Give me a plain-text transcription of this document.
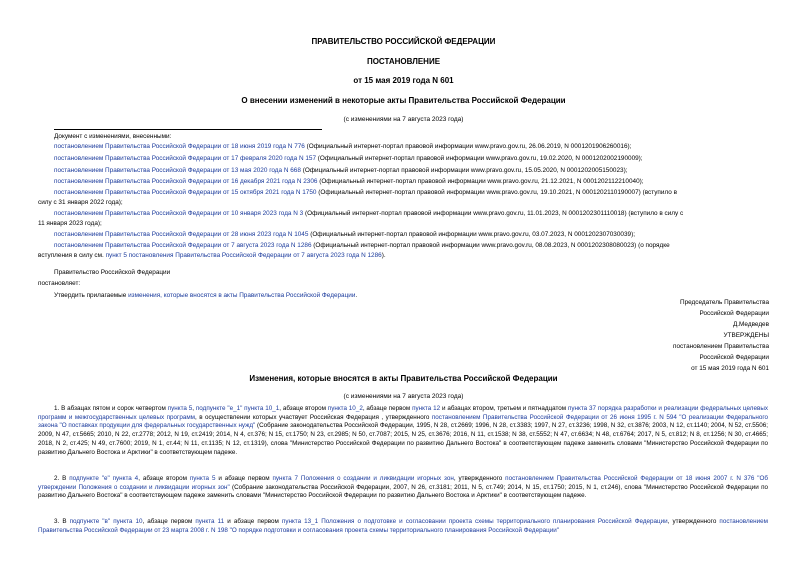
ПРАВИТЕЛЬСТВО РОССИЙСКОЙ ФЕДЕРАЦИИ
ПОСТАНОВЛЕНИЕ
от 15 мая 2019 года N 601
О внесении изменений в некоторые акты Правительства Российской Федерации
(с изменениями на 7 августа 2023 года)
Документ с изменениями, внесенными:
постановлением Правительства Российской Федерации от 18 июня 2019 года N 776 (Официальный интернет-портал правовой информации www.pravo.gov.ru, 26.06.2019, N 0001201906260016);
постановлением Правительства Российской Федерации от 17 февраля 2020 года N 157 (Официальный интернет-портал правовой информации www.pravo.gov.ru, 19.02.2020, N 0001202002190009);
постановлением Правительства Российской Федерации от 13 мая 2020 года N 668 (Официальный интернет-портал правовой информации www.pravo.gov.ru, 15.05.2020, N 0001202005150023);
постановлением Правительства Российской Федерации от 16 декабря 2021 года N 2306 (Официальный интернет-портал правовой информации www.pravo.gov.ru, 21.12.2021, N 0001202112210040);
постановлением Правительства Российской Федерации от 15 октября 2021 года N 1750 (Официальный интернет-портал правовой информации www.pravo.gov.ru, 19.10.2021, N 0001202110190007) (вступило в
силу с 31 января 2022 года);
постановлением Правительства Российской Федерации от 10 января 2023 года N 3 (Официальный интернет-портал правовой информации www.pravo.gov.ru, 11.01.2023, N 0001202301110018) (вступило в силу с
11 января 2023 года);
постановлением Правительства Российской Федерации от 28 июня 2023 года N 1045 (Официальный интернет-портал правовой информации www.pravo.gov.ru, 03.07.2023, N 0001202307030039);
постановлением Правительства Российской Федерации от 7 августа 2023 года N 1286 (Официальный интернет-портал правовой информации www.pravo.gov.ru, 08.08.2023, N 0001202308080023) (о порядке
вступления в силу см. пункт 5 постановления Правительства Российской Федерации от 7 августа 2023 года N 1286).
Правительство Российской Федерации
постановляет:
Утвердить прилагаемые изменения, которые вносятся в акты Правительства Российской Федерации.
Председатель Правительства
Российской Федерации
Д.Медведев
УТВЕРЖДЕНЫ
постановлением Правительства
Российской Федерации
от 15 мая 2019 года N 601
Изменения, которые вносятся в акты Правительства Российской Федерации
(с изменениями на 7 августа 2023 года)
1. В абзацах пятом и сорок четвертом пункта 5, подпункте "е_1" пункта 10_1, абзаце втором пункта 10_2, абзаце первом пункта 12 и абзацах втором, третьем и пятнадцатом пункта 37 порядка разработки и реализации федеральных целевых программ и межгосударственных целевых программ, в осуществлении которых участвует Российская Федерация , утвержденного постановлением Правительства Российской Федерации от 26 июня 1995 г. N 594 "О реализации Федерального закона "О поставках продукции для федеральных государственных нужд" (Собрание законодательства Российской Федерации, 1995, N 28, ст.2669; 1996, N 28, ст.3383; 1997, N 27, ст.3236; 1998, N 32, ст.3876; 2003, N 12, ст.1140; 2004, N 52, ст.5506; 2009, N 47, ст.5665; 2010, N 22, ст.2778; 2012, N 19, ст.2419; 2014, N 4, ст.376; N 15, ст.1750; N 23, ст.2985; N 50, ст.7087; 2015, N 25, ст.3676; 2016, N 11, ст.1538; N 38, ст.5552; N 47, ст.6634; N 48, ст.6764; 2017, N 5, ст.812; N 8, ст.1256; N 30, ст.4665; 2018, N 2, ст.425; N 49, ст.7600; 2019, N 1, ст.44; N 11, ст.1135; N 12, ст.1319), слова "Министерство Российской Федерации по развитию Дальнего Востока" в соответствующем падеже заменить словами "Министерство Российской Федерации по развитию Дальнего Востока и Арктики" в соответствующем падеже.
2. В подпункте "е" пункта 4, абзаце втором пункта 5 и абзаце первом пункта 7 Положения о создании и ликвидации игорных зон, утвержденного постановлением Правительства Российской Федерации от 18 июня 2007 г. N 376 "Об утверждении Положения о создании и ликвидации игорных зон" (Собрание законодательства Российской Федерации, 2007, N 26, ст.3181; 2011, N 5, ст.749; 2014, N 15, ст.1750; 2015, N 1, ст.246), слова "Министерство Российской Федерации по развитию Дальнего Востока" в соответствующем падеже заменить словами "Министерство Российской Федерации по развитию Дальнего Востока и Арктики" в соответствующем падеже.
3. В подпункте "в" пункта 10, абзаце первом пункта 11 и абзаце первом пункта 13_1 Положения о подготовке и согласовании проекта схемы территориального планирования Российской Федерации, утвержденного постановлением Правительства Российской Федерации от 23 марта 2008 г. N 198 "О порядке подготовки и согласования проекта схемы территориального планирования Российской Федерации"
